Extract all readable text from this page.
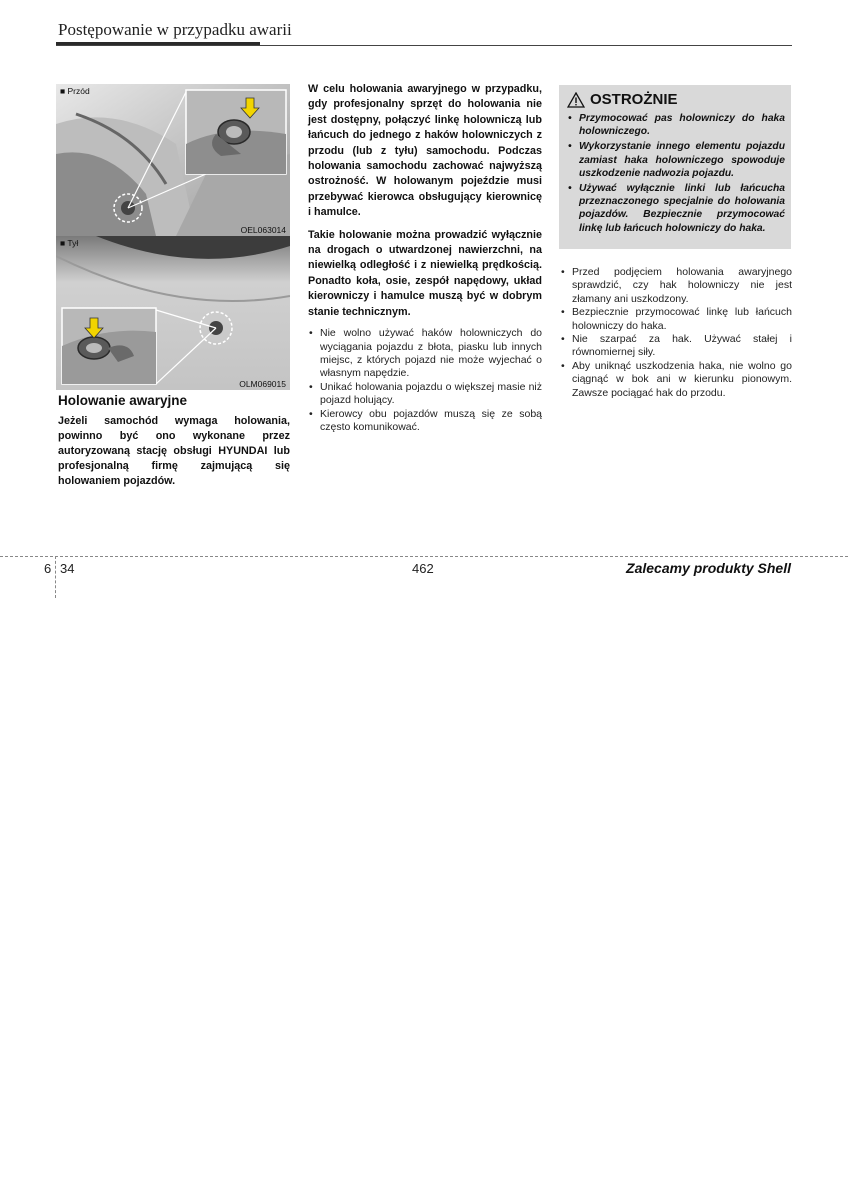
Postępowanie w przypadku awarii
■ Przód
OEL063014
■ Tył
OLM069015
Holowanie awaryjne
Jeżeli samochód wymaga holowania, powinno być ono wykonane przez autoryzowaną stację obsługi HYUNDAI lub profesjonalną firmę zajmującą się holowaniem pojazdów.

W celu holowania awaryjnego w przypadku, gdy profesjonalny sprzęt do holowania nie jest dostępny, połączyć linkę holowniczą lub łańcuch do jednego z haków holowniczych z przodu (lub z tyłu) samochodu. Podczas holowania samochodu zachować najwyższą ostrożność. W holowanym pojeździe musi przebywać kierowca obsługujący kierownicę i hamulce.

Takie holowanie można prowadzić wyłącznie na drogach o utwardzonej nawierzchni, na niewielką odległość i z niewielką prędkością. Ponadto koła, osie, zespół napędowy, układ kierowniczy i hamulce muszą być w dobrym stanie technicznym.

• Nie wolno używać haków holowniczych do wyciągania pojazdu z błota, piasku lub innych miejsc, z których pojazd nie może wyjechać o własnym napędzie.
• Unikać holowania pojazdu o większej masie niż pojazd holujący.
• Kierowcy obu pojazdów muszą się ze sobą często komunikować.
OSTROŻNIE
• Przymocować pas holowniczy do haka holowniczego.
• Wykorzystanie innego elementu pojazdu zamiast haka holowniczego spowoduje uszkodzenie nadwozia pojazdu.
• Używać wyłącznie linki lub łańcucha przeznaczonego specjalnie do holowania pojazdów. Bezpiecznie przymocować linkę lub łańcuch holowniczy do haka.
• Przed podjęciem holowania awaryjnego sprawdzić, czy hak holowniczy nie jest złamany ani uszkodzony.
• Bezpiecznie przymocować linkę lub łańcuch holowniczy do haka.
• Nie szarpać za hak. Używać stałej i równomiernej siły.
• Aby uniknąć uszkodzenia haka, nie wolno go ciągnąć w bok ani w kierunku pionowym. Zawsze pociągać hak do przodu.
6 34	462	Zalecamy produkty Shell
